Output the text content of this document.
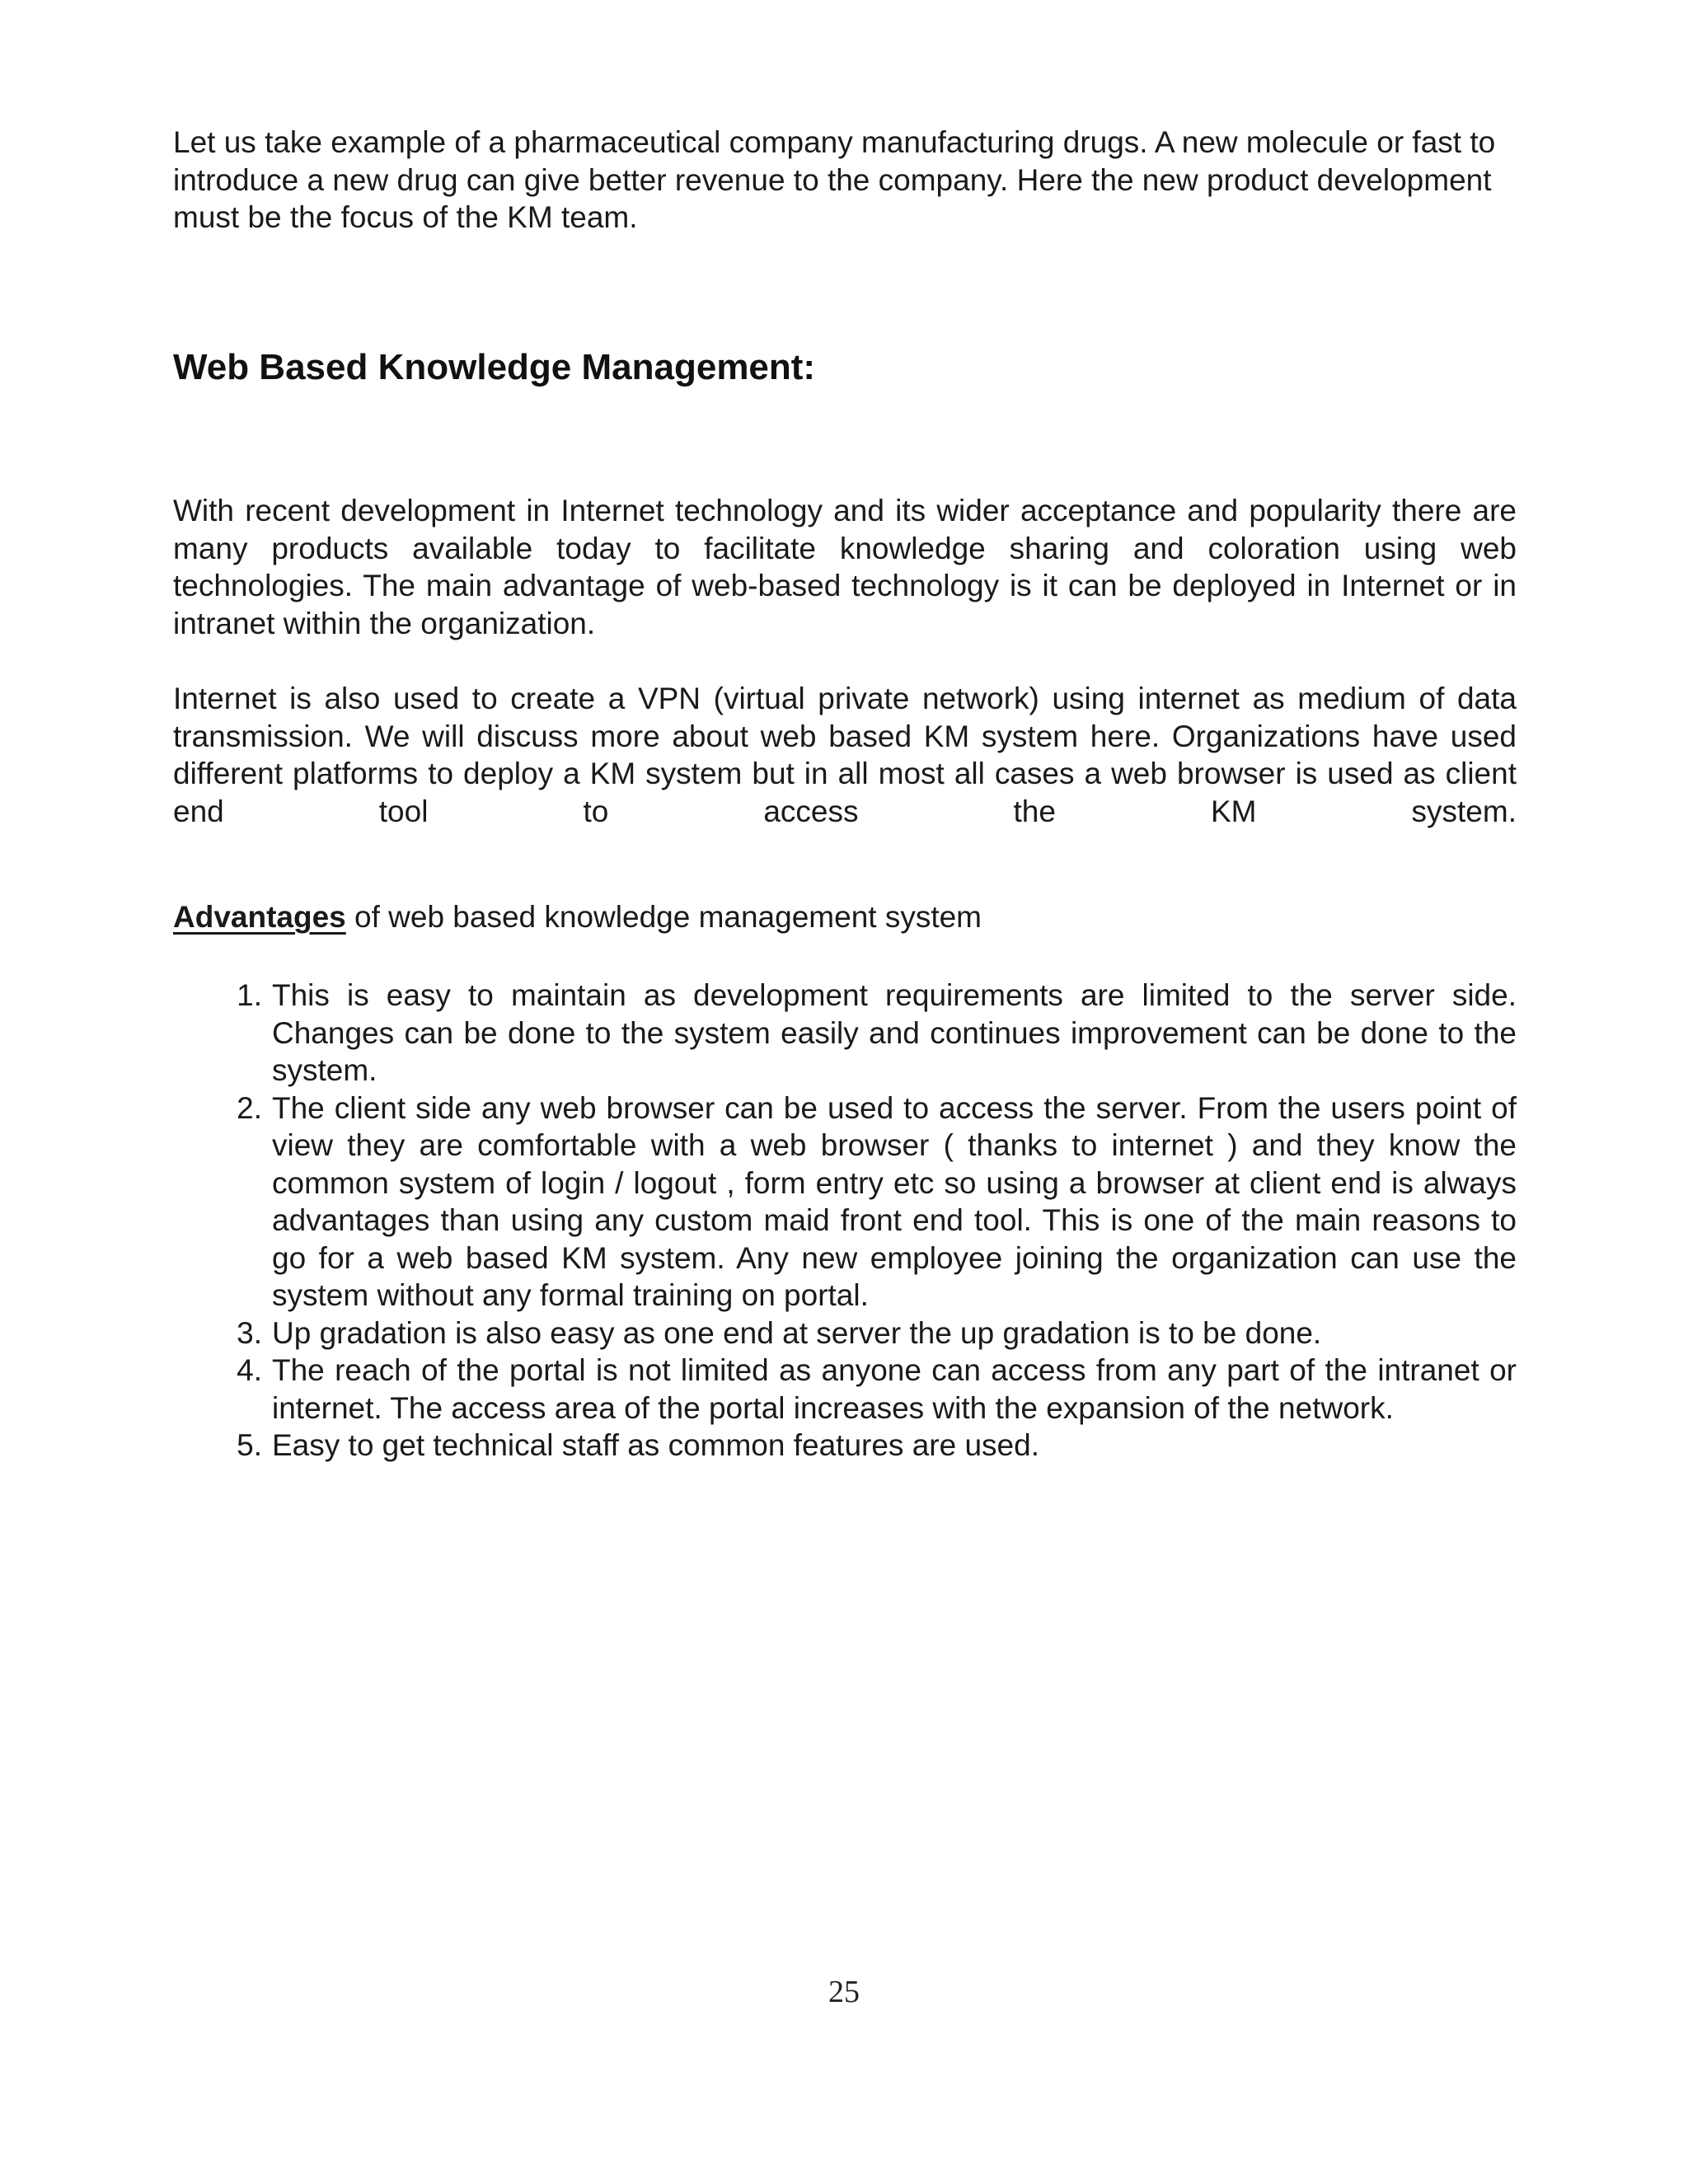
Let us take example of a pharmaceutical company manufacturing drugs. A new molecule or fast to introduce a new drug can give better revenue to the company. Here the new product development must be the focus of the KM team.

Web Based Knowledge Management:

With recent development in Internet technology and its wider acceptance and popularity there are many products available today to facilitate knowledge sharing and coloration using web technologies. The main advantage of web-based technology is it can be deployed in Internet or in intranet within the organization.

Internet is also used to create a VPN (virtual private network) using internet as medium of data transmission. We will discuss more about web based KM system here. Organizations have used different platforms to deploy a KM system but in all most all cases a web browser is used as client end tool to access the KM system.

Advantages of web based knowledge management system

1. This is easy to maintain as development requirements are limited to the server side. Changes can be done to the system easily and continues improvement can be done to the system.
2. The client side any web browser can be used to access the server. From the users point of view they are comfortable with a web browser ( thanks to internet ) and they know the common system of login / logout , form entry etc so using a browser at client end is always advantages than using any custom maid front end tool. This is one of the main reasons to go for a web based KM system. Any new employee joining the organization can use the system without any formal training on portal.
3. Up gradation is also easy as one end at server the up gradation is to be done.
4. The reach of the portal is not limited as anyone can access from any part of the intranet or internet. The access area of the portal increases with the expansion of the network.
5. Easy to get technical staff as common features are used.
25
